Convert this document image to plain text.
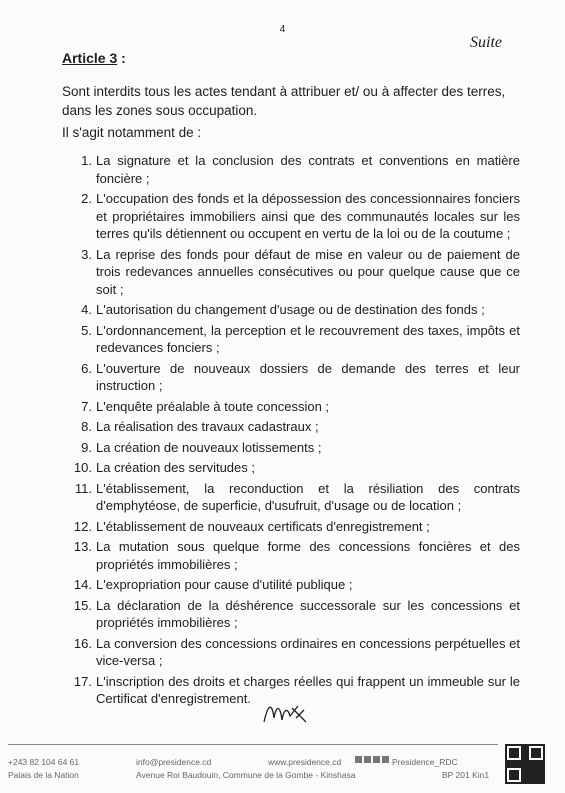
4
Suite
Article 3 :
Sont interdits tous les actes tendant à attribuer et/ ou à affecter des terres, dans les zones sous occupation.
Il s'agit notamment de :
1. La signature et la conclusion des contrats et conventions en matière foncière ;
2. L'occupation des fonds et la dépossession des concessionnaires fonciers et propriétaires immobiliers ainsi que des communautés locales sur les terres qu'ils détiennent ou occupent en vertu de la loi ou de la coutume ;
3. La reprise des fonds pour défaut de mise en valeur ou de paiement de trois redevances annuelles consécutives ou pour quelque cause que ce soit ;
4. L'autorisation du changement d'usage ou de destination des fonds ;
5. L'ordonnancement, la perception et le recouvrement des taxes, impôts et redevances fonciers ;
6. L'ouverture de nouveaux dossiers de demande des terres et leur instruction ;
7. L'enquête préalable à toute concession ;
8. La réalisation des travaux cadastraux ;
9. La création de nouveaux lotissements ;
10. La création des servitudes ;
11. L'établissement, la reconduction et la résiliation des contrats d'emphytéose, de superficie, d'usufruit, d'usage ou de location ;
12. L'établissement de nouveaux certificats d'enregistrement ;
13. La mutation sous quelque forme des concessions foncières et des propriétés immobilières ;
14. L'expropriation pour cause d'utilité publique ;
15. La déclaration de la déshérence successorale sur les concessions et propriétés immobilières ;
16. La conversion des concessions ordinaires en concessions perpétuelles et vice-versa ;
17. L'inscription des droits et charges réelles qui frappent un immeuble sur le Certificat d'enregistrement.
+243 82 104 64 61
Palais de la Nation
info@presidence.cd
Avenue Roi Baudouin, Commune de la Gombe - Kinshasa
www.presidence.cd	Presidence_RDC
BP 201 Kin1
